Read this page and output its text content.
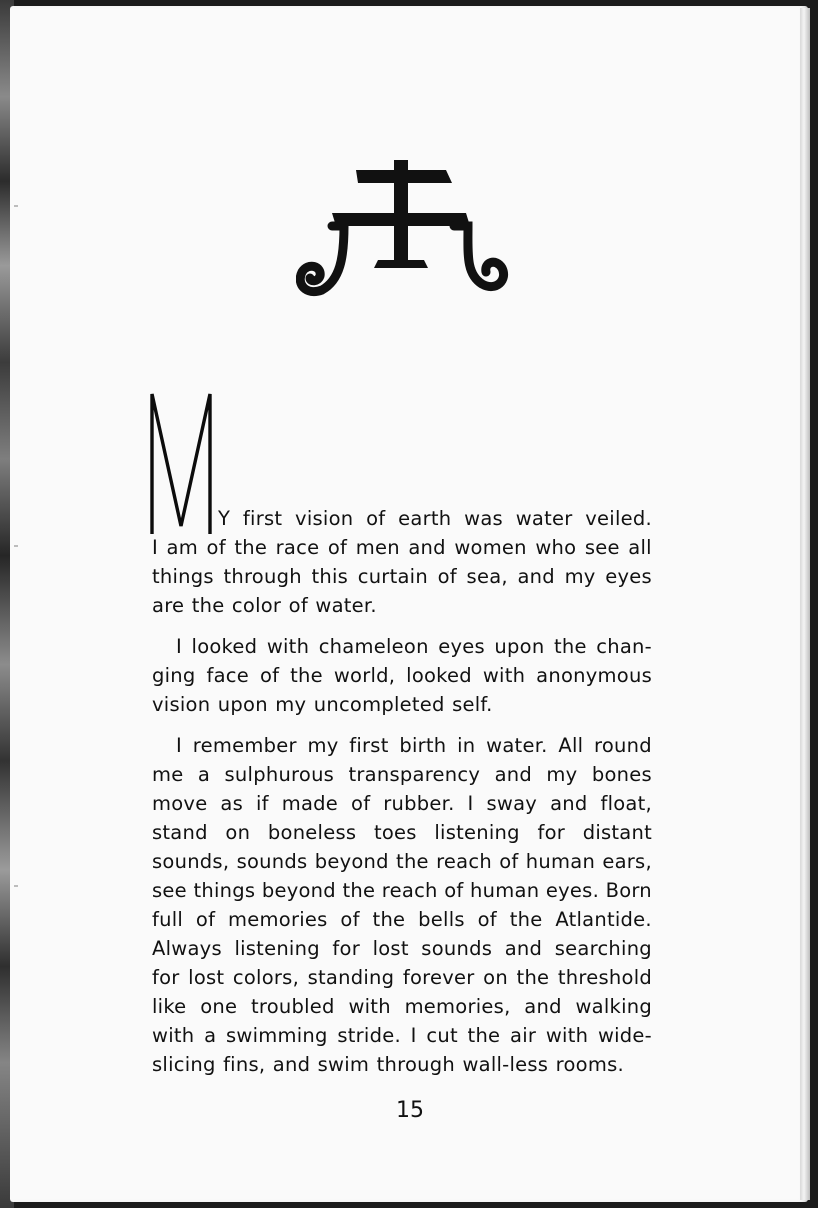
Y first vision of earth was water veiled.
I am of the race of men and women who see all
things through this curtain of sea, and my eyes
are the color of water.
I looked with chameleon eyes upon the chan-
ging face of the world, looked with anonymous
vision upon my uncompleted self.
I remember my first birth in water. All round
me a sulphurous transparency and my bones
move as if made of rubber. I sway and float,
stand on boneless toes listening for distant
sounds, sounds beyond the reach of human ears,
see things beyond the reach of human eyes. Born
full of memories of the bells of the Atlantide.
Always listening for lost sounds and searching
for lost colors, standing forever on the threshold
like one troubled with memories, and walking
with a swimming stride. I cut the air with wide-
slicing fins, and swim through wall-less rooms.
15
